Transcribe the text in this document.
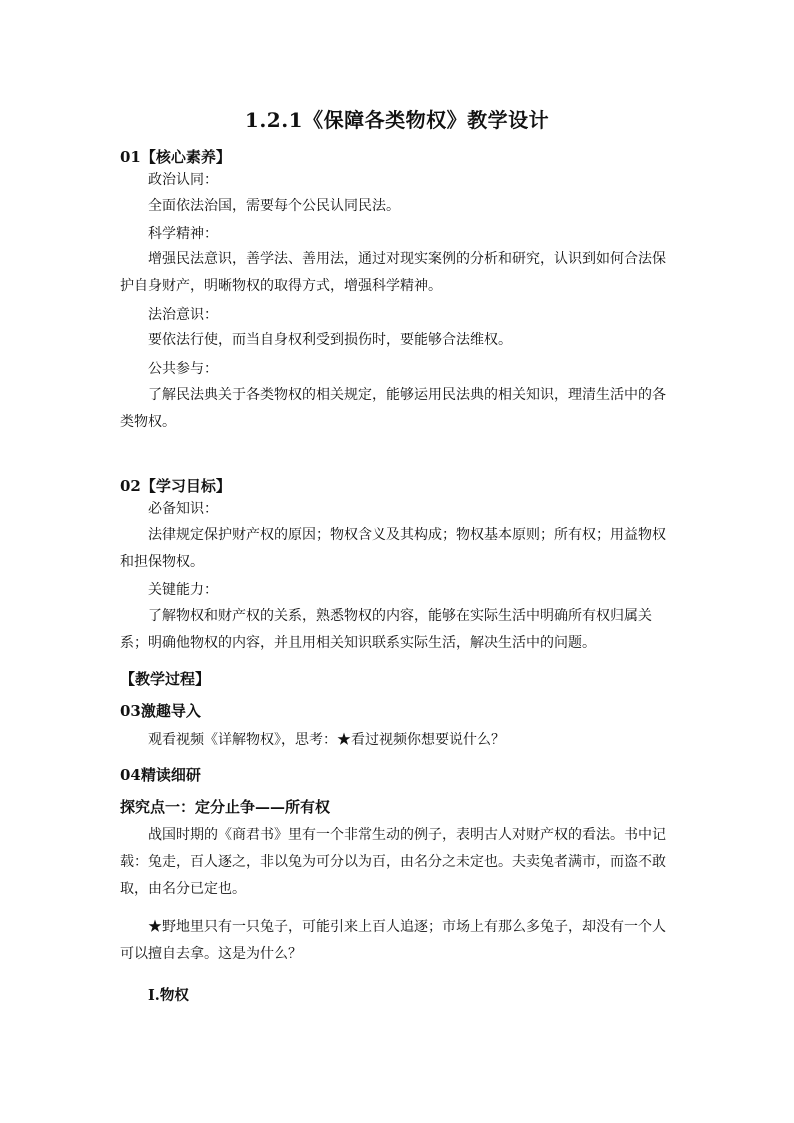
1.2.1《保障各类物权》教学设计
01【核心素养】
政治认同：
全面依法治国，需要每个公民认同民法。
科学精神：
增强民法意识，善学法、善用法，通过对现实案例的分析和研究，认识到如何合法保护自身财产，明晰物权的取得方式，增强科学精神。
法治意识：
要依法行使，而当自身权利受到损伤时，要能够合法维权。
公共参与：
了解民法典关于各类物权的相关规定，能够运用民法典的相关知识，理清生活中的各类物权。
02【学习目标】
必备知识：
法律规定保护财产权的原因；物权含义及其构成；物权基本原则；所有权；用益物权和担保物权。
关键能力：
了解物权和财产权的关系，熟悉物权的内容，能够在实际生活中明确所有权归属关系；明确他物权的内容，并且用相关知识联系实际生活，解决生活中的问题。
【教学过程】
03激趣导入
观看视频《详解物权》，思考：★看过视频你想要说什么？
04精读细研
探究点一：定分止争——所有权
战国时期的《商君书》里有一个非常生动的例子，表明古人对财产权的看法。书中记载：兔走，百人逐之，非以兔为可分以为百，由名分之未定也。夫卖兔者满市，而盗不敢取，由名分已定也。
★野地里只有一只兔子，可能引来上百人追逐；市场上有那么多兔子，却没有一个人可以擅自去拿。这是为什么？
Ⅰ.物权
